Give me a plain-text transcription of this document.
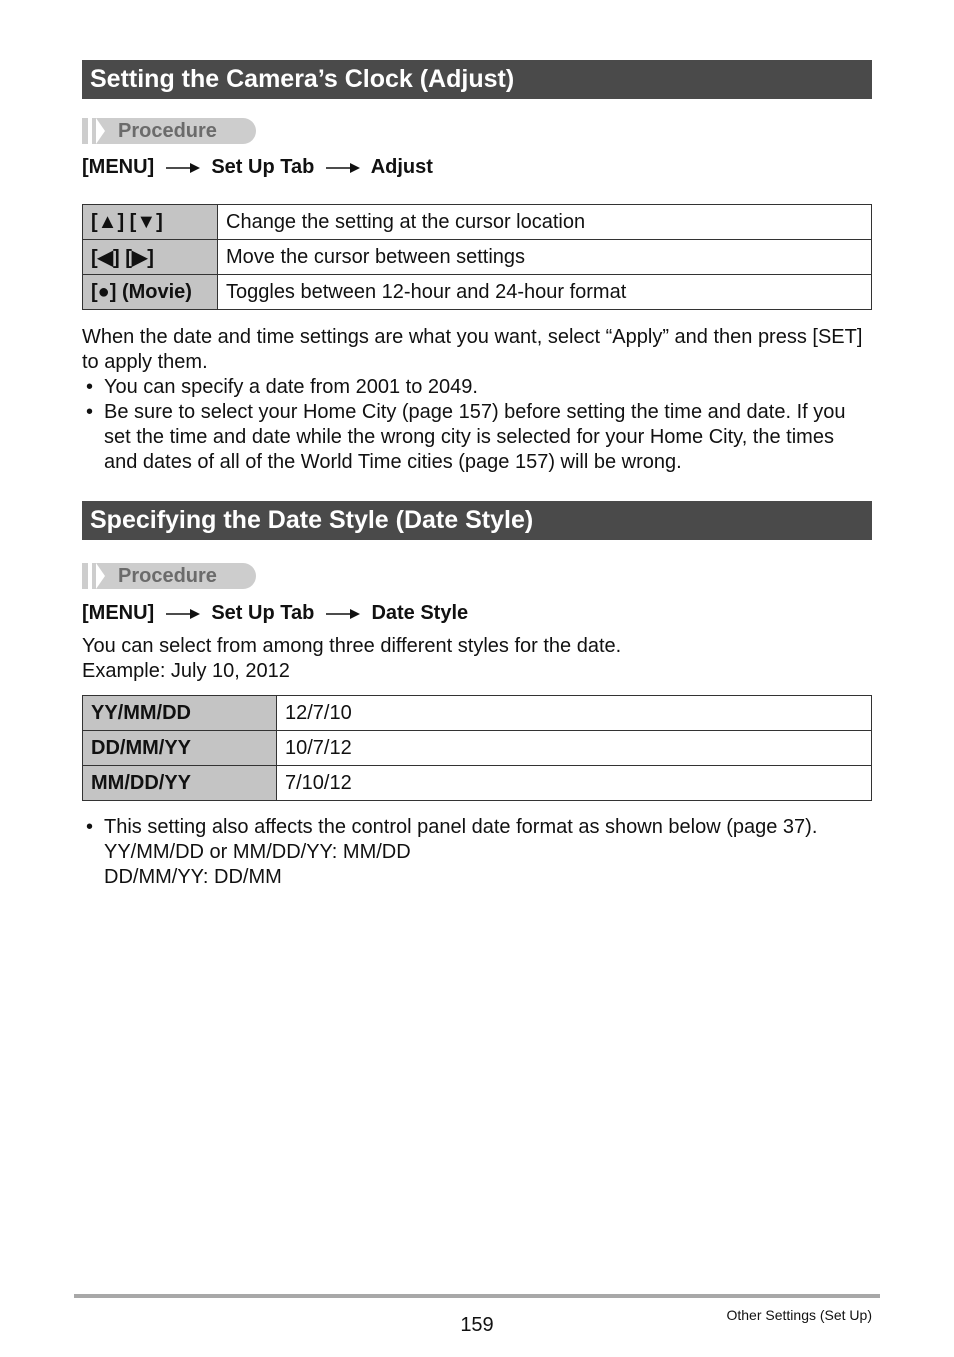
Setting the Camera’s Clock (Adjust)
Procedure
[MENU]	Set Up Tab	Adjust
[▲] [▼]	Change the setting at the cursor location
[◀] [▶]	Move the cursor between settings
[●] (Movie)	Toggles between 12-hour and 24-hour format
When the date and time settings are what you want, select “Apply” and then press [SET] to apply them.
• You can specify a date from 2001 to 2049.
• Be sure to select your Home City (page 157) before setting the time and date. If you set the time and date while the wrong city is selected for your Home City, the times and dates of all of the World Time cities (page 157) will be wrong.
Specifying the Date Style (Date Style)
Procedure
[MENU]	Set Up Tab	Date Style
You can select from among three different styles for the date.
Example: July 10, 2012
YY/MM/DD	12/7/10
DD/MM/YY	10/7/12
MM/DD/YY	7/10/12
• This setting also affects the control panel date format as shown below (page 37).
YY/MM/DD or MM/DD/YY: MM/DD
DD/MM/YY: DD/MM
159	Other Settings (Set Up)
